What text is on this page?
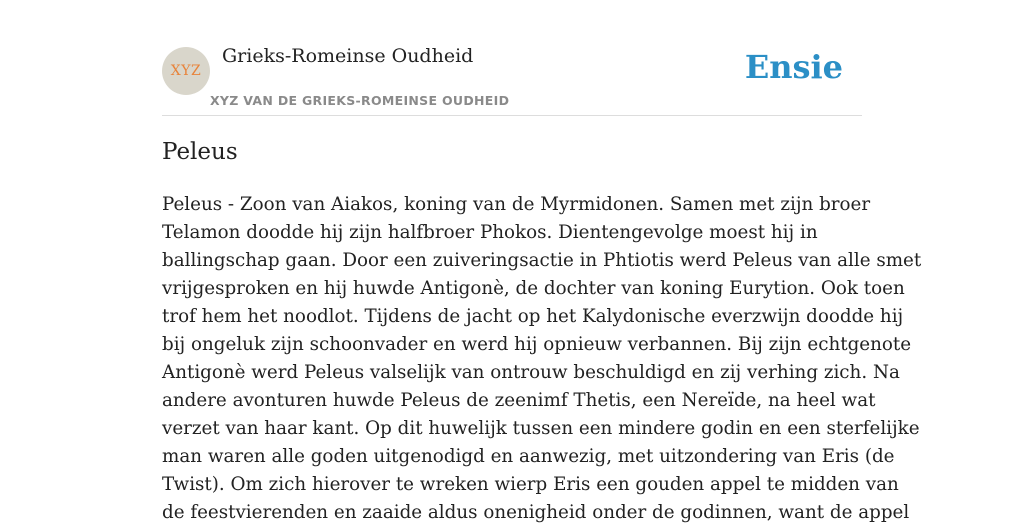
XYZ
Grieks-Romeinse Oudheid
XYZ VAN DE GRIEKS-ROMEINSE OUDHEID
Ensie
Peleus

Peleus - Zoon van Aiakos, koning van de Myrmidonen. Samen met zijn broer
Telamon doodde hij zijn halfbroer Phokos. Dientengevolge moest hij in
ballingschap gaan. Door een zuiveringsactie in Phtiotis werd Peleus van alle smet
vrijgesproken en hij huwde Antigonè, de dochter van koning Eurytion. Ook toen
trof hem het noodlot. Tijdens de jacht op het Kalydonische everzwijn doodde hij
bij ongeluk zijn schoonvader en werd hij opnieuw verbannen. Bij zijn echtgenote
Antigonè werd Peleus valselijk van ontrouw beschuldigd en zij verhing zich. Na
andere avonturen huwde Peleus de zeenimf Thetis, een Nereïde, na heel wat
verzet van haar kant. Op dit huwelijk tussen een mindere godin en een sterfelijke
man waren alle goden uitgenodigd en aanwezig, met uitzondering van Eris (de
Twist). Om zich hierover te wreken wierp Eris een gouden appel te midden van
de feestvierenden en zaaide aldus onenigheid onder de godinnen, want de appel
